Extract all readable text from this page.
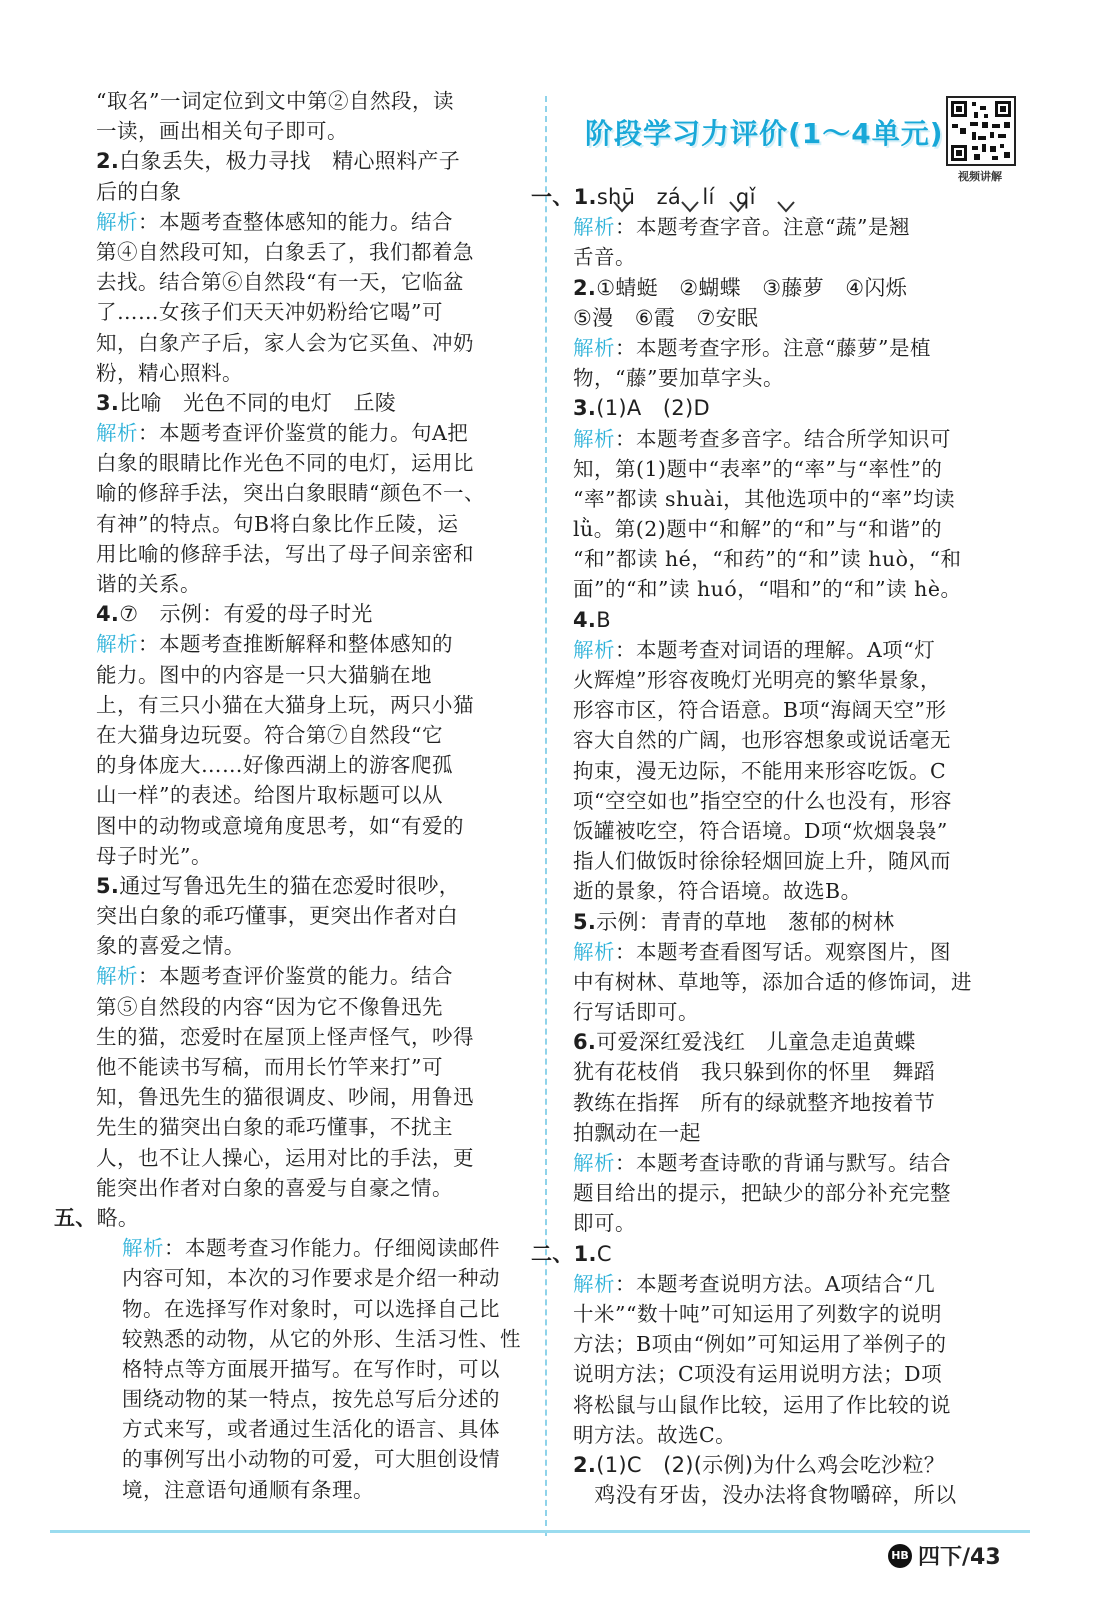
阶段学习力评价(1～4单元)
视频讲解
“取名”一词定位到文中第②自然段，读
一读，画出相关句子即可。
2.白象丢失，极力寻找　精心照料产子
后的白象
解析：本题考查整体感知的能力。结合
第④自然段可知，白象丢了，我们都着急
去找。结合第⑥自然段“有一天，它临盆
了……女孩子们天天冲奶粉给它喝”可
知，白象产子后，家人会为它买鱼、冲奶
粉，精心照料。
3.比喻　光色不同的电灯　丘陵
解析：本题考查评价鉴赏的能力。句A把
白象的眼睛比作光色不同的电灯，运用比
喻的修辞手法，突出白象眼睛“颜色不一、
有神”的特点。句B将白象比作丘陵，运
用比喻的修辞手法，写出了母子间亲密和
谐的关系。
4.⑦　示例：有爱的母子时光
解析：本题考查推断解释和整体感知的
能力。图中的内容是一只大猫躺在地
上，有三只小猫在大猫身上玩，两只小猫
在大猫身边玩耍。符合第⑦自然段“它
的身体庞大……好像西湖上的游客爬孤
山一样”的表述。给图片取标题可以从
图中的动物或意境角度思考，如“有爱的
母子时光”。
5.通过写鲁迅先生的猫在恋爱时很吵，
突出白象的乖巧懂事，更突出作者对白
象的喜爱之情。
解析：本题考查评价鉴赏的能力。结合
第⑤自然段的内容“因为它不像鲁迅先
生的猫，恋爱时在屋顶上怪声怪气，吵得
他不能读书写稿，而用长竹竿来打”可
知，鲁迅先生的猫很调皮、吵闹，用鲁迅
先生的猫突出白象的乖巧懂事，不扰主
人，也不让人操心，运用对比的手法，更
能突出作者对白象的喜爱与自豪之情。
五、略。
解析：本题考查习作能力。仔细阅读邮件
内容可知，本次的习作要求是介绍一种动
物。在选择写作对象时，可以选择自己比
较熟悉的动物，从它的外形、生活习性、性
格特点等方面展开描写。在写作时，可以
围绕动物的某一特点，按先总写后分述的
方式来写，或者通过生活化的语言、具体
的事例写出小动物的可爱，可大胆创设情
境，注意语句通顺有条理。
一、1.shū　zá　lí　qǐ
解析：本题考查字音。注意“蔬”是翘
舌音。
2.①蜻蜓　②蝴蝶　③藤萝　④闪烁
⑤漫　⑥霞　⑦安眠
解析：本题考查字形。注意“藤萝”是植
物，“藤”要加草字头。
3.(1)A　(2)D
解析：本题考查多音字。结合所学知识可
知，第(1)题中“表率”的“率”与“率性”的
“率”都读 shuài，其他选项中的“率”均读
lǜ。第(2)题中“和解”的“和”与“和谐”的
“和”都读 hé，“和药”的“和”读 huò，“和
面”的“和”读 huó，“唱和”的“和”读 hè。
4.B
解析：本题考查对词语的理解。A项“灯
火辉煌”形容夜晚灯光明亮的繁华景象，
形容市区，符合语意。B项“海阔天空”形
容大自然的广阔，也形容想象或说话毫无
拘束，漫无边际，不能用来形容吃饭。C
项“空空如也”指空空的什么也没有，形容
饭罐被吃空，符合语境。D项“炊烟袅袅”
指人们做饭时徐徐轻烟回旋上升，随风而
逝的景象，符合语境。故选B。
5.示例：青青的草地　葱郁的树林
解析：本题考查看图写话。观察图片，图
中有树林、草地等，添加合适的修饰词，进
行写话即可。
6.可爱深红爱浅红　儿童急走追黄蝶
犹有花枝俏　我只躲到你的怀里　舞蹈
教练在指挥　所有的绿就整齐地按着节
拍飘动在一起
解析：本题考查诗歌的背诵与默写。结合
题目给出的提示，把缺少的部分补充完整
即可。
二、1.C
解析：本题考查说明方法。A项结合“几
十米”“数十吨”可知运用了列数字的说明
方法；B项由“例如”可知运用了举例子的
说明方法；C项没有运用说明方法；D项
将松鼠与山鼠作比较，运用了作比较的说
明方法。故选C。
2.(1)C　(2)(示例)为什么鸡会吃沙粒？
　鸡没有牙齿，没办法将食物嚼碎，所以
HB 四下/43
